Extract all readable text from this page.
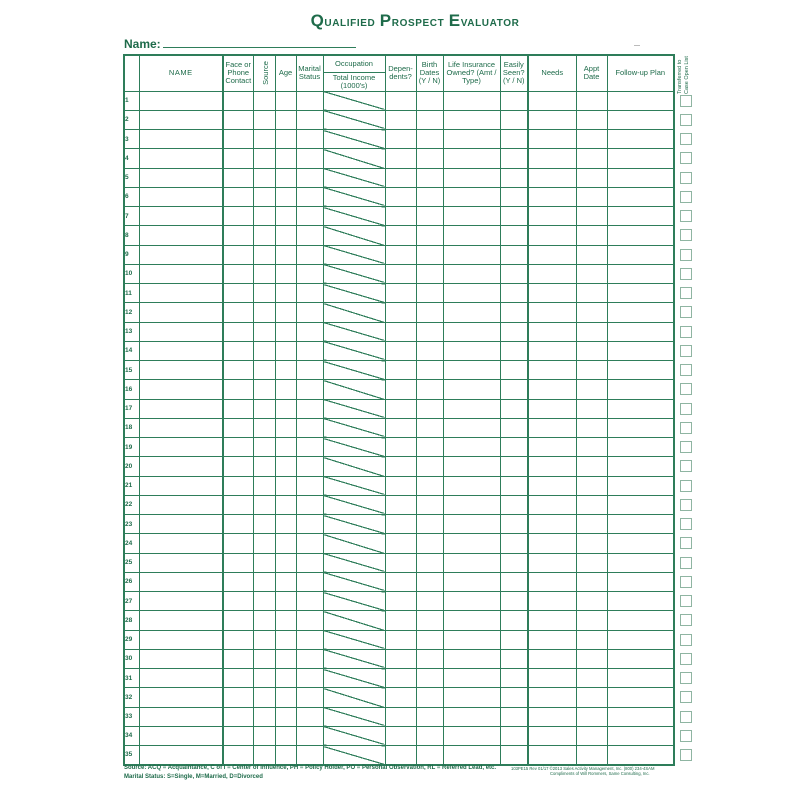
Qualified Prospect Evaluator
Name:
	NAME	Face or Phone Contact	Source	Age	Marital Status	Occupation	Depen- dents?	Birth Dates (Y / N)	Life Insurance Owned? (Amt / Type)	Easily Seen? (Y / N)	Needs	Appt Date	Follow-up Plan
						Total Income (1000's)							
1													
2													
3													
4													
5													
6													
7													
8													
9													
10													
11													
12													
13													
14													
15													
16													
17													
18													
19													
20													
21													
22													
23													
24													
25													
26													
27													
28													
29													
30													
31													
32													
33													
34													
35													
Transferred to Case Open List
Source: ACQ = Acquaintance, C of I = Center of Influence, PH = Policy Holder, PO = Personal Observation, RL = Referred Lead, etc.
Marital Status: S=Single, M=Married, D=Divorced
103PE15 Rev 01/17 ©2013 Sales Activity Management, Inc. (800) 234-4SAM
Compliments of Will Rommers, Same Consulting, Inc.
